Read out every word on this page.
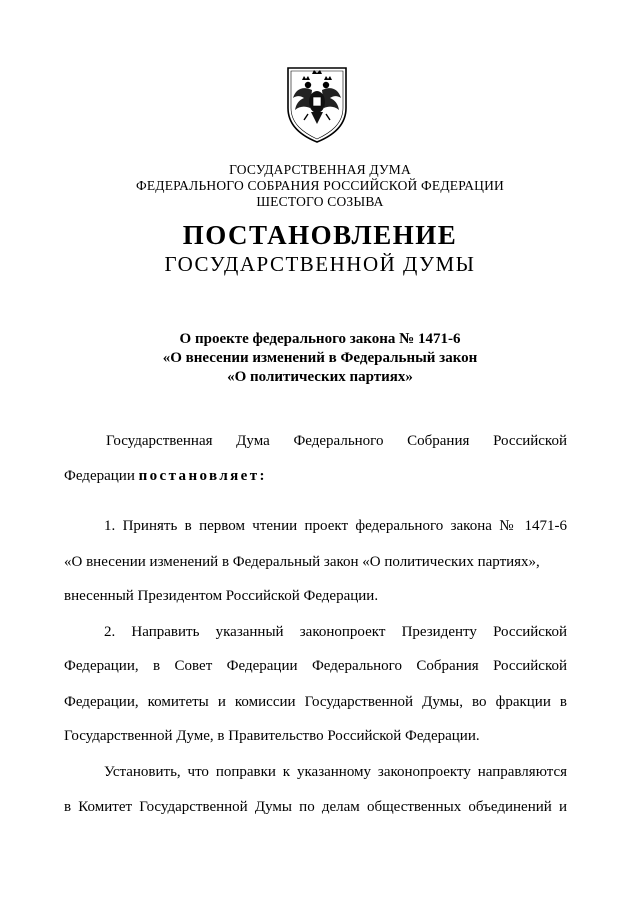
ГОСУДАРСТВЕННАЯ ДУМА
ФЕДЕРАЛЬНОГО СОБРАНИЯ РОССИЙСКОЙ ФЕДЕРАЦИИ
ШЕСТОГО СОЗЫВА
ПОСТАНОВЛЕНИЕ
ГОСУДАРСТВЕННОЙ ДУМЫ
О проекте федерального закона № 1471-6
«О внесении изменений в Федеральный закон
«О политических партиях»
Государственная Дума Федерального Собрания Российской
Федерации постановляет:
1. Принять в первом чтении проект федерального закона № 1471-6
«О внесении изменений в Федеральный закон «О политических партиях»,
внесенный Президентом Российской Федерации.
2. Направить указанный законопроект Президенту Российской
Федерации, в Совет Федерации Федерального Собрания Российской
Федерации, комитеты и комиссии Государственной Думы, во фракции в
Государственной Думе, в Правительство Российской Федерации.
Установить, что поправки к указанному законопроекту направляются
в Комитет Государственной Думы по делам общественных объединений и
